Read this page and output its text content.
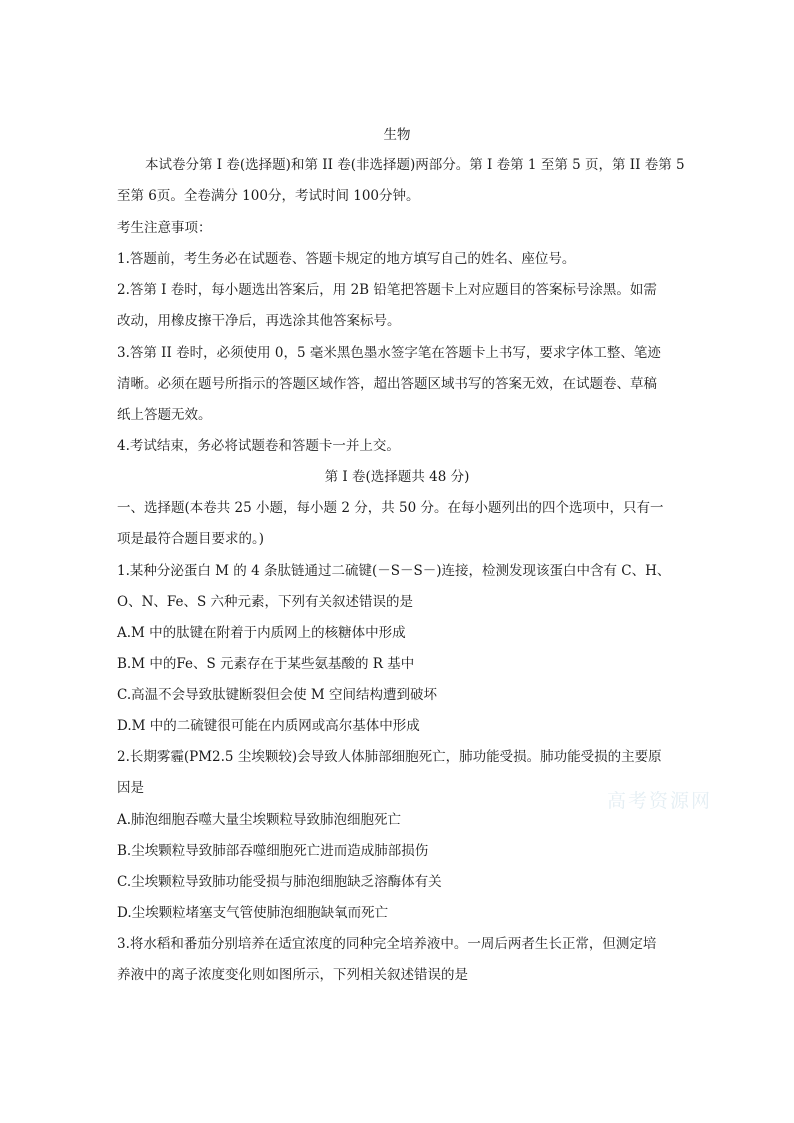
生物
本试卷分第 I 卷(选择题)和第 II 卷(非选择题)两部分。第 I 卷第 1 至第 5 页，第 II 卷第 5
至第 6页。全卷满分 100分，考试时间 100分钟。
考生注意事项：
1.答题前，考生务必在试题卷、答题卡规定的地方填写自己的姓名、座位号。
2.答第 I 卷时，每小题选出答案后，用 2B 铅笔把答题卡上对应题目的答案标号涂黑。如需
改动，用橡皮擦干净后，再选涂其他答案标号。
3.答第 II 卷时，必须使用 0，5 毫米黑色墨水签字笔在答题卡上书写，要求字体工整、笔迹
清晰。必须在题号所指示的答题区域作答，超出答题区域书写的答案无效，在试题卷、草稿
纸上答题无效。
4.考试结束，务必将试题卷和答题卡一并上交。
第 I 卷(选择题共 48 分)
一、选择题(本卷共 25 小题，每小题 2 分，共 50 分。在每小题列出的四个选项中，只有一
项是最符合题目要求的。)
1.某种分泌蛋白 M 的 4 条肽链通过二硫键(－S－S－)连接，检测发现该蛋白中含有 C、H、
O、N、Fe、S 六种元素，下列有关叙述错误的是
A.M 中的肽键在附着于内质网上的核糖体中形成
B.M 中的Fe、S 元素存在于某些氨基酸的 R 基中
C.高温不会导致肽键断裂但会使 M 空间结构遭到破坏
D.M 中的二硫键很可能在内质网或高尔基体中形成
2.长期雾霾(PM2.5 尘埃颗较)会导致人体肺部细胞死亡，肺功能受损。肺功能受损的主要原
因是
A.肺泡细胞吞噬大量尘埃颗粒导致肺泡细胞死亡
B.尘埃颗粒导致肺部吞噬细胞死亡进而造成肺部损伤
C.尘埃颗粒导致肺功能受损与肺泡细胞缺乏溶酶体有关
D.尘埃颗粒堵塞支气管使肺泡细胞缺氧而死亡
3.将水稻和番茄分别培养在适宜浓度的同种完全培养液中。一周后两者生长正常，但测定培
养液中的离子浓度变化则如图所示，下列相关叙述错误的是
高考资源网
